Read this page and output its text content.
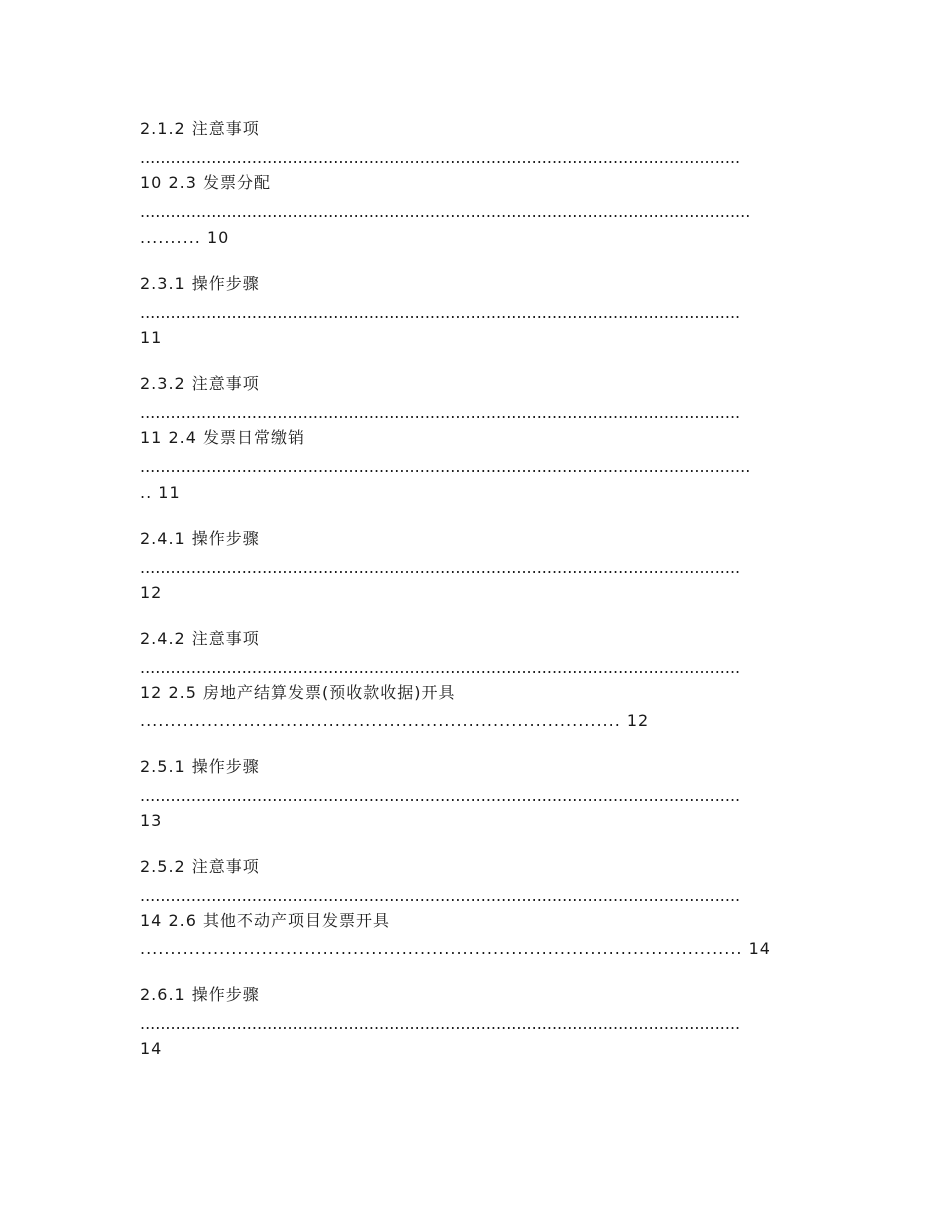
2.1.2 注意事项

......................................................................................................................

10 2.3 发票分配

........................................................................................................................

.......... 10

2.3.1 操作步骤

......................................................................................................................

11

2.3.2 注意事项

......................................................................................................................

11 2.4 发票日常缴销

........................................................................................................................

.. 11

2.4.1 操作步骤

......................................................................................................................

12

2.4.2 注意事项

......................................................................................................................

12 2.5 房地产结算发票(预收款收据)开具

............................................................................... 12

2.5.1 操作步骤

......................................................................................................................

13

2.5.2 注意事项

......................................................................................................................

14 2.6 其他不动产项目发票开具

................................................................................................... 14

2.6.1 操作步骤

......................................................................................................................

14
